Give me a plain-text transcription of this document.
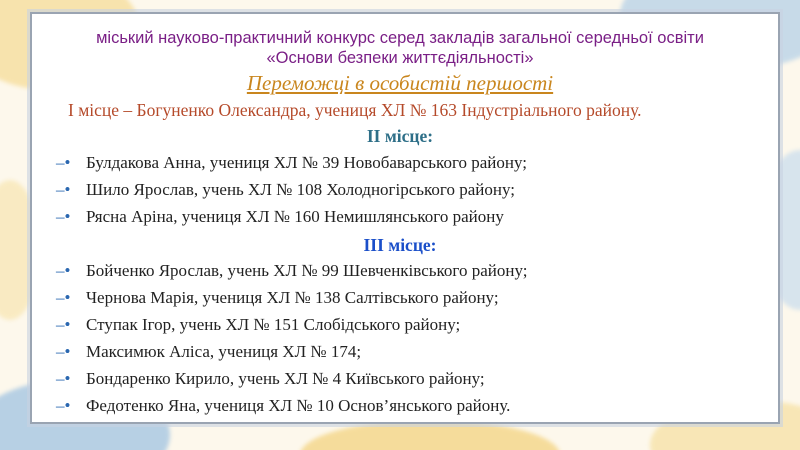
міський науково-практичний конкурс серед закладів загальної середньої освіти
«Основи безпеки життєдіяльності»
Переможці в особистій першості
І місце – Богуненко Олександра, учениця ХЛ № 163 Індустріального району.
ІІ місце:
–• Булдакова Анна, учениця ХЛ № 39 Новобаварського району;
–• Шило Ярослав, учень ХЛ № 108 Холодногірського району;
–• Рясна Аріна, учениця ХЛ № 160 Немишлянського району
ІІІ місце:
–• Бойченко Ярослав, учень ХЛ № 99 Шевченківського району;
–• Чернова Марія, учениця ХЛ № 138 Салтівського району;
–• Ступак Ігор, учень ХЛ № 151 Слобідського району;
–• Максимюк Аліса, учениця ХЛ № 174;
–• Бондаренко Кирило, учень ХЛ № 4 Київського району;
–• Федотенко Яна, учениця ХЛ № 10 Основ’янського району.
